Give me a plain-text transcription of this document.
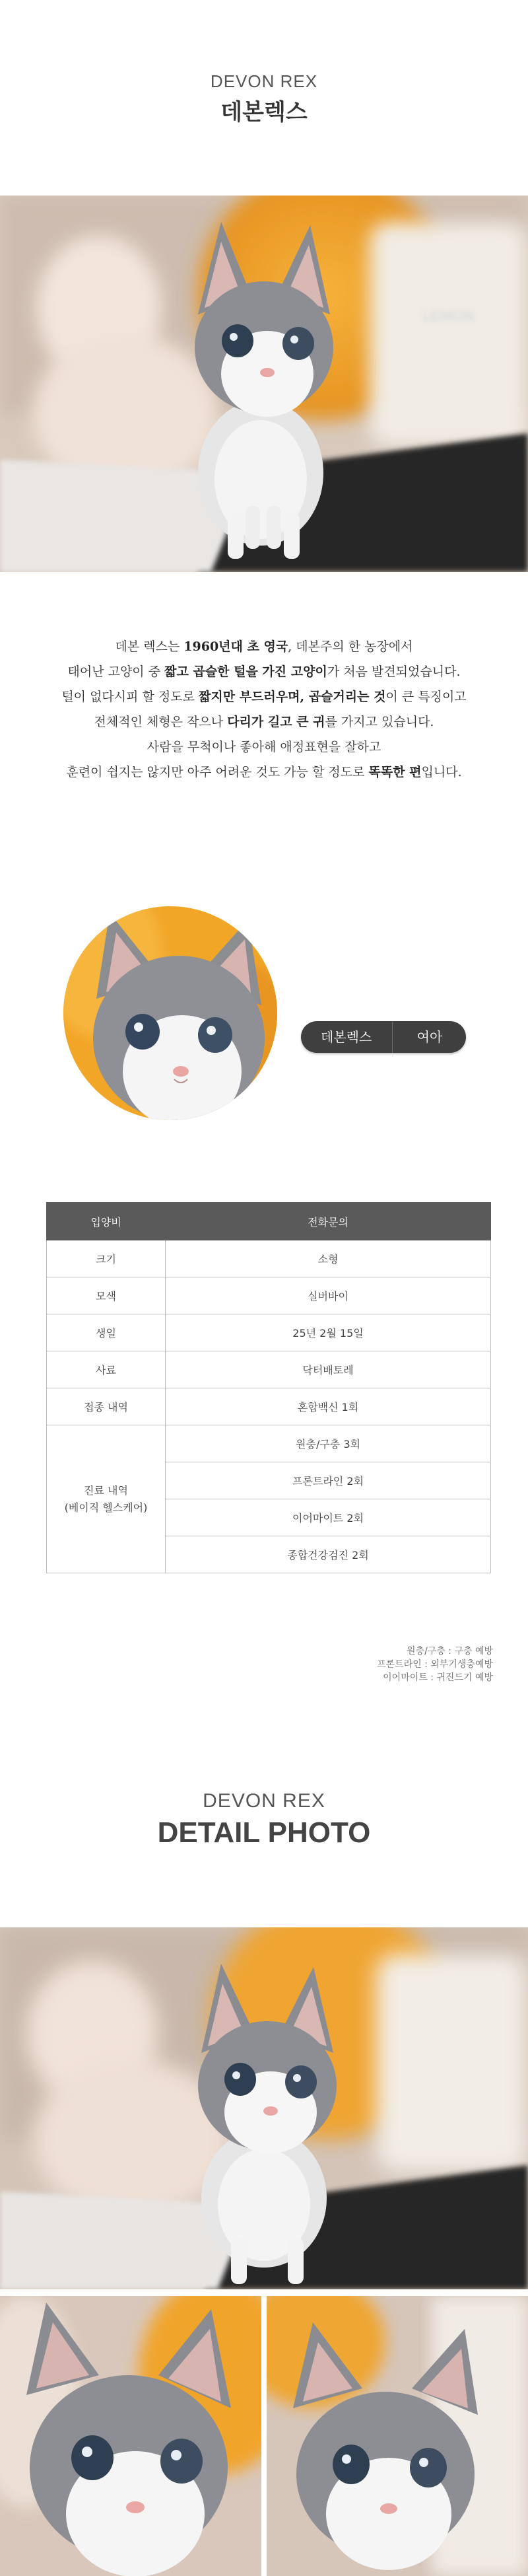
DEVON REX
데본렉스
LEMON
데본 렉스는 1960년대 초 영국, 데본주의 한 농장에서
태어난 고양이 중 짧고 곱슬한 털을 가진 고양이가 처음 발견되었습니다.
털이 없다시피 할 정도로 짧지만 부드러우며, 곱슬거리는 것이 큰 특징이고
전체적인 체형은 작으나 다리가 길고 큰 귀를 가지고 있습니다.
사람을 무척이나 좋아해 애정표현을 잘하고
훈련이 쉽지는 않지만 아주 어려운 것도 가능 할 정도로 똑똑한 편입니다.
데본렉스	여아
입양비	전화문의
크기	소형
모색	실버바이
생일	25년 2월 15일
사료	닥터배토레
접종 내역	혼합백신 1회

진료 내역
(베이직 헬스케어)	원충/구충 3회
	프론트라인 2회
	이어마이트 2회
	종합건강검진 2회
원충/구충 : 구충 예방
프론트라인 : 외부기생충예방
이어마이트 : 귀진드기 예방
DEVON REX
DETAIL PHOTO
